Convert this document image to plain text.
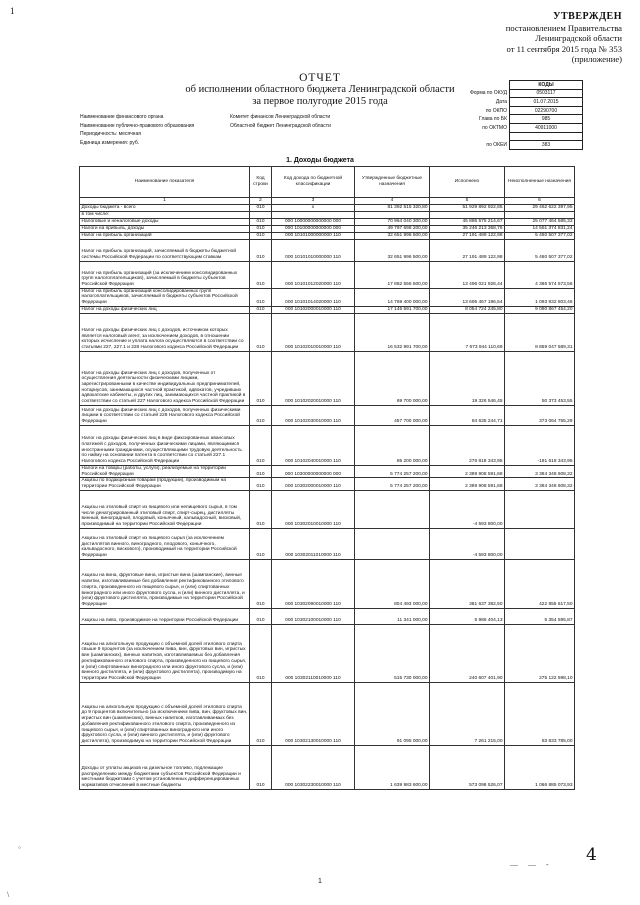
1	УТВЕРЖДЕН
постановлением Правительства
Ленинградской области
от 11 сентября 2015 года № 353
(приложение)
ОТЧЕТ
об исполнении областного бюджета Ленинградской области
за первое полугодие 2015 года
	КОДЫ
Форма по ОКУД	0503117
Дата	01.07.2015
по ОКПО	02290700
Глава по БК	985
по ОКТМО	40911000

по ОКЕИ	383
Наименование финансового органа	Комитет финансов Ленинградской области
Наименование публично-правового образования	Областной бюджет Ленинградской области
Периодичность: месячная
Единица измерения: руб.
1. Доходы бюджета
Наименование показателя	Код строки	Код дохода по бюджетной классификации	Утвержденные бюджетные назначения	Исполнено	Неисполненные назначения
1	2	3	4	5	6
Доходы бюджета - всего	010	x	81 392 515 320,80	51 929 892 922,85	29 462 622 397,95
в том числе:					
Налоговые и неналоговые доходы	010	000 10000000000000 000	70 964 040 300,00	45 886 575 214,67	25 077 464 585,33
Налоги на прибыль, доходы	010	000 10100000000000 000	49 797 698 200,00	35 246 213 368,76	14 551 374 831,24
Налог на прибыль организаций	010	000 10101000000000 110	32 651 996 500,00	27 191 489 122,98	5 460 507 377,02
Налог на прибыль организаций, зачисляемый в бюджеты бюджетной системы Российской Федерации по соответствующим ставкам	010	000 10101010000000 110	32 651 996 500,00	27 191 489 122,98	5 460 507 377,02
Налог на прибыль организаций (за исключением консолидированных групп налогоплательщиков), зачисляемый в бюджеты субъектов Российской Федерации	010	000 10101012020000 110	17 882 556 500,00	13 496 021 926,44	4 386 574 573,56
Налог на прибыль организаций консолидированных групп налогоплательщиков, зачисляемый в бюджеты субъектов Российской Федерации	010	000 10101014020000 110	14 769 400 000,00	13 695 467 196,54	1 093 932 803,46
Налог на доходы физических лиц	010	000 10102000010000 110	17 145 591 700,00	8 054 724 245,80	9 090 867 454,20
Налог на доходы физических лиц с доходов, источником которых является налоговый агент, за исключением доходов, в отношении которых исчисление и уплата налога осуществляются в соответствии со статьями 227, 227.1 и 228 Налогового кодекса Российской Федерации	010	000 10102010010000 110	16 532 991 700,00	7 673 944 110,69	8 859 047 589,31
Налог на доходы физических лиц с доходов, полученных от осуществления деятельности физическими лицами, зарегистрированными в качестве индивидуальных предпринимателей, нотариусов, занимающихся частной практикой, адвокатов, учредивших адвокатские кабинеты, и других лиц, занимающихся частной практикой в соответствии со статьей 227 Налогового кодекса Российской Федерации	010	000 10102020010000 110	69 700 000,00	19 326 546,45	50 373 453,55
Налог на доходы физических лиц с доходов, полученных физическими лицами в соответствии со статьей 228 Налогового кодекса Российской Федерации	010	000 10102030010000 110	457 700 000,00	84 635 244,71	373 064 755,29
Налог на доходы физических лиц в виде фиксированных авансовых платежей с доходов, полученных физическими лицами, являющимися иностранными гражданами, осуществляющими трудовую деятельность по найму на основании патента в соответствии со статьей 227.1 Налогового кодекса Российской Федерации	010	000 10102040010000 110	85 200 000,00	276 818 343,95	-191 618 343,95
Налоги на товары (работы, услуги), реализуемые на территории Российской Федерации	010	000 10300000000000 000	5 774 257 200,00	2 389 908 591,68	3 384 348 608,32
Акцизы по подакцизным товарам (продукции), производимым на территории Российской Федерации	010	000 10302000010000 110	5 774 257 200,00	2 389 908 591,68	3 384 348 608,32
Акцизы на этиловый спирт из пищевого или непищевого сырья, в том числе денатурированный этиловый спирт, спирт-сырец, дистилляты винный, виноградный, плодовый, коньячный, кальвадосный, висковый, производимый на территории Российской Федерации	010	000 10302010010000 110		-4 593 800,00	
Акцизы на этиловый спирт из пищевого сырья (за исключением дистиллятов винного, виноградного, плодового, коньячного, кальвадосного, вискового), производимый на территории Российской Федерации	010	000 10302011010000 110		-4 593 800,00	
Акцизы на вина, фруктовые вина, игристые вина (шампанские), винные напитки, изготавливаемые без добавления ректификованного этилового спирта, произведенного из пищевого сырья, и (или) спиртованных виноградного или иного фруктового сусла, и (или) винного дистиллята, и (или) фруктового дистиллята, производимые на территории Российской Федерации	010	000 10302090010000 110	804 493 000,00	381 637 382,50	422 855 617,50
Акцизы на пиво, производимое на территории Российской Федерации	010	000 10302100010000 110	11 341 000,00	5 986 404,13	5 354 595,87
Акцизы на алкогольную продукцию с объемной долей этилового спирта свыше 9 процентов (за исключением пива, вин, фруктовых вин, игристых вин (шампанских), винных напитков, изготавливаемых без добавления ректификованного этилового спирта, произведенного из пищевого сырья, и (или) спиртованных виноградного или иного фруктового сусла, и (или) винного дистиллята, и (или) фруктового дистиллята), производимую на территории Российской Федерации	010	000 10302110010000 110	515 730 000,00	240 607 401,90	275 122 598,10
Акцизы на алкогольную продукцию с объемной долей этилового спирта до 9 процентов включительно (за исключением пива, вин, фруктовых вин, игристых вин (шампанских), винных напитков, изготавливаемых без добавления ректификованного этилового спирта, произведенного из пищевого сырья, и (или) спиртованных виноградного или иного фруктового сусла, и (или) винного дистиллята, и (или) фруктового дистиллята), производимую на территории Российской Федерации	010	000 10302130010000 110	91 095 000,00	7 261 215,00	83 833 785,00
Доходы от уплаты акцизов на дизельное топливо, подлежащие распределению между бюджетами субъектов Российской Федерации и местными бюджетами с учетом установленных дифференцированных нормативов отчислений в местные бюджеты	010	000 10302230010000 110	1 639 983 600,00	573 098 526,07	1 066 885 073,93
◦
— — - 4
1
\
